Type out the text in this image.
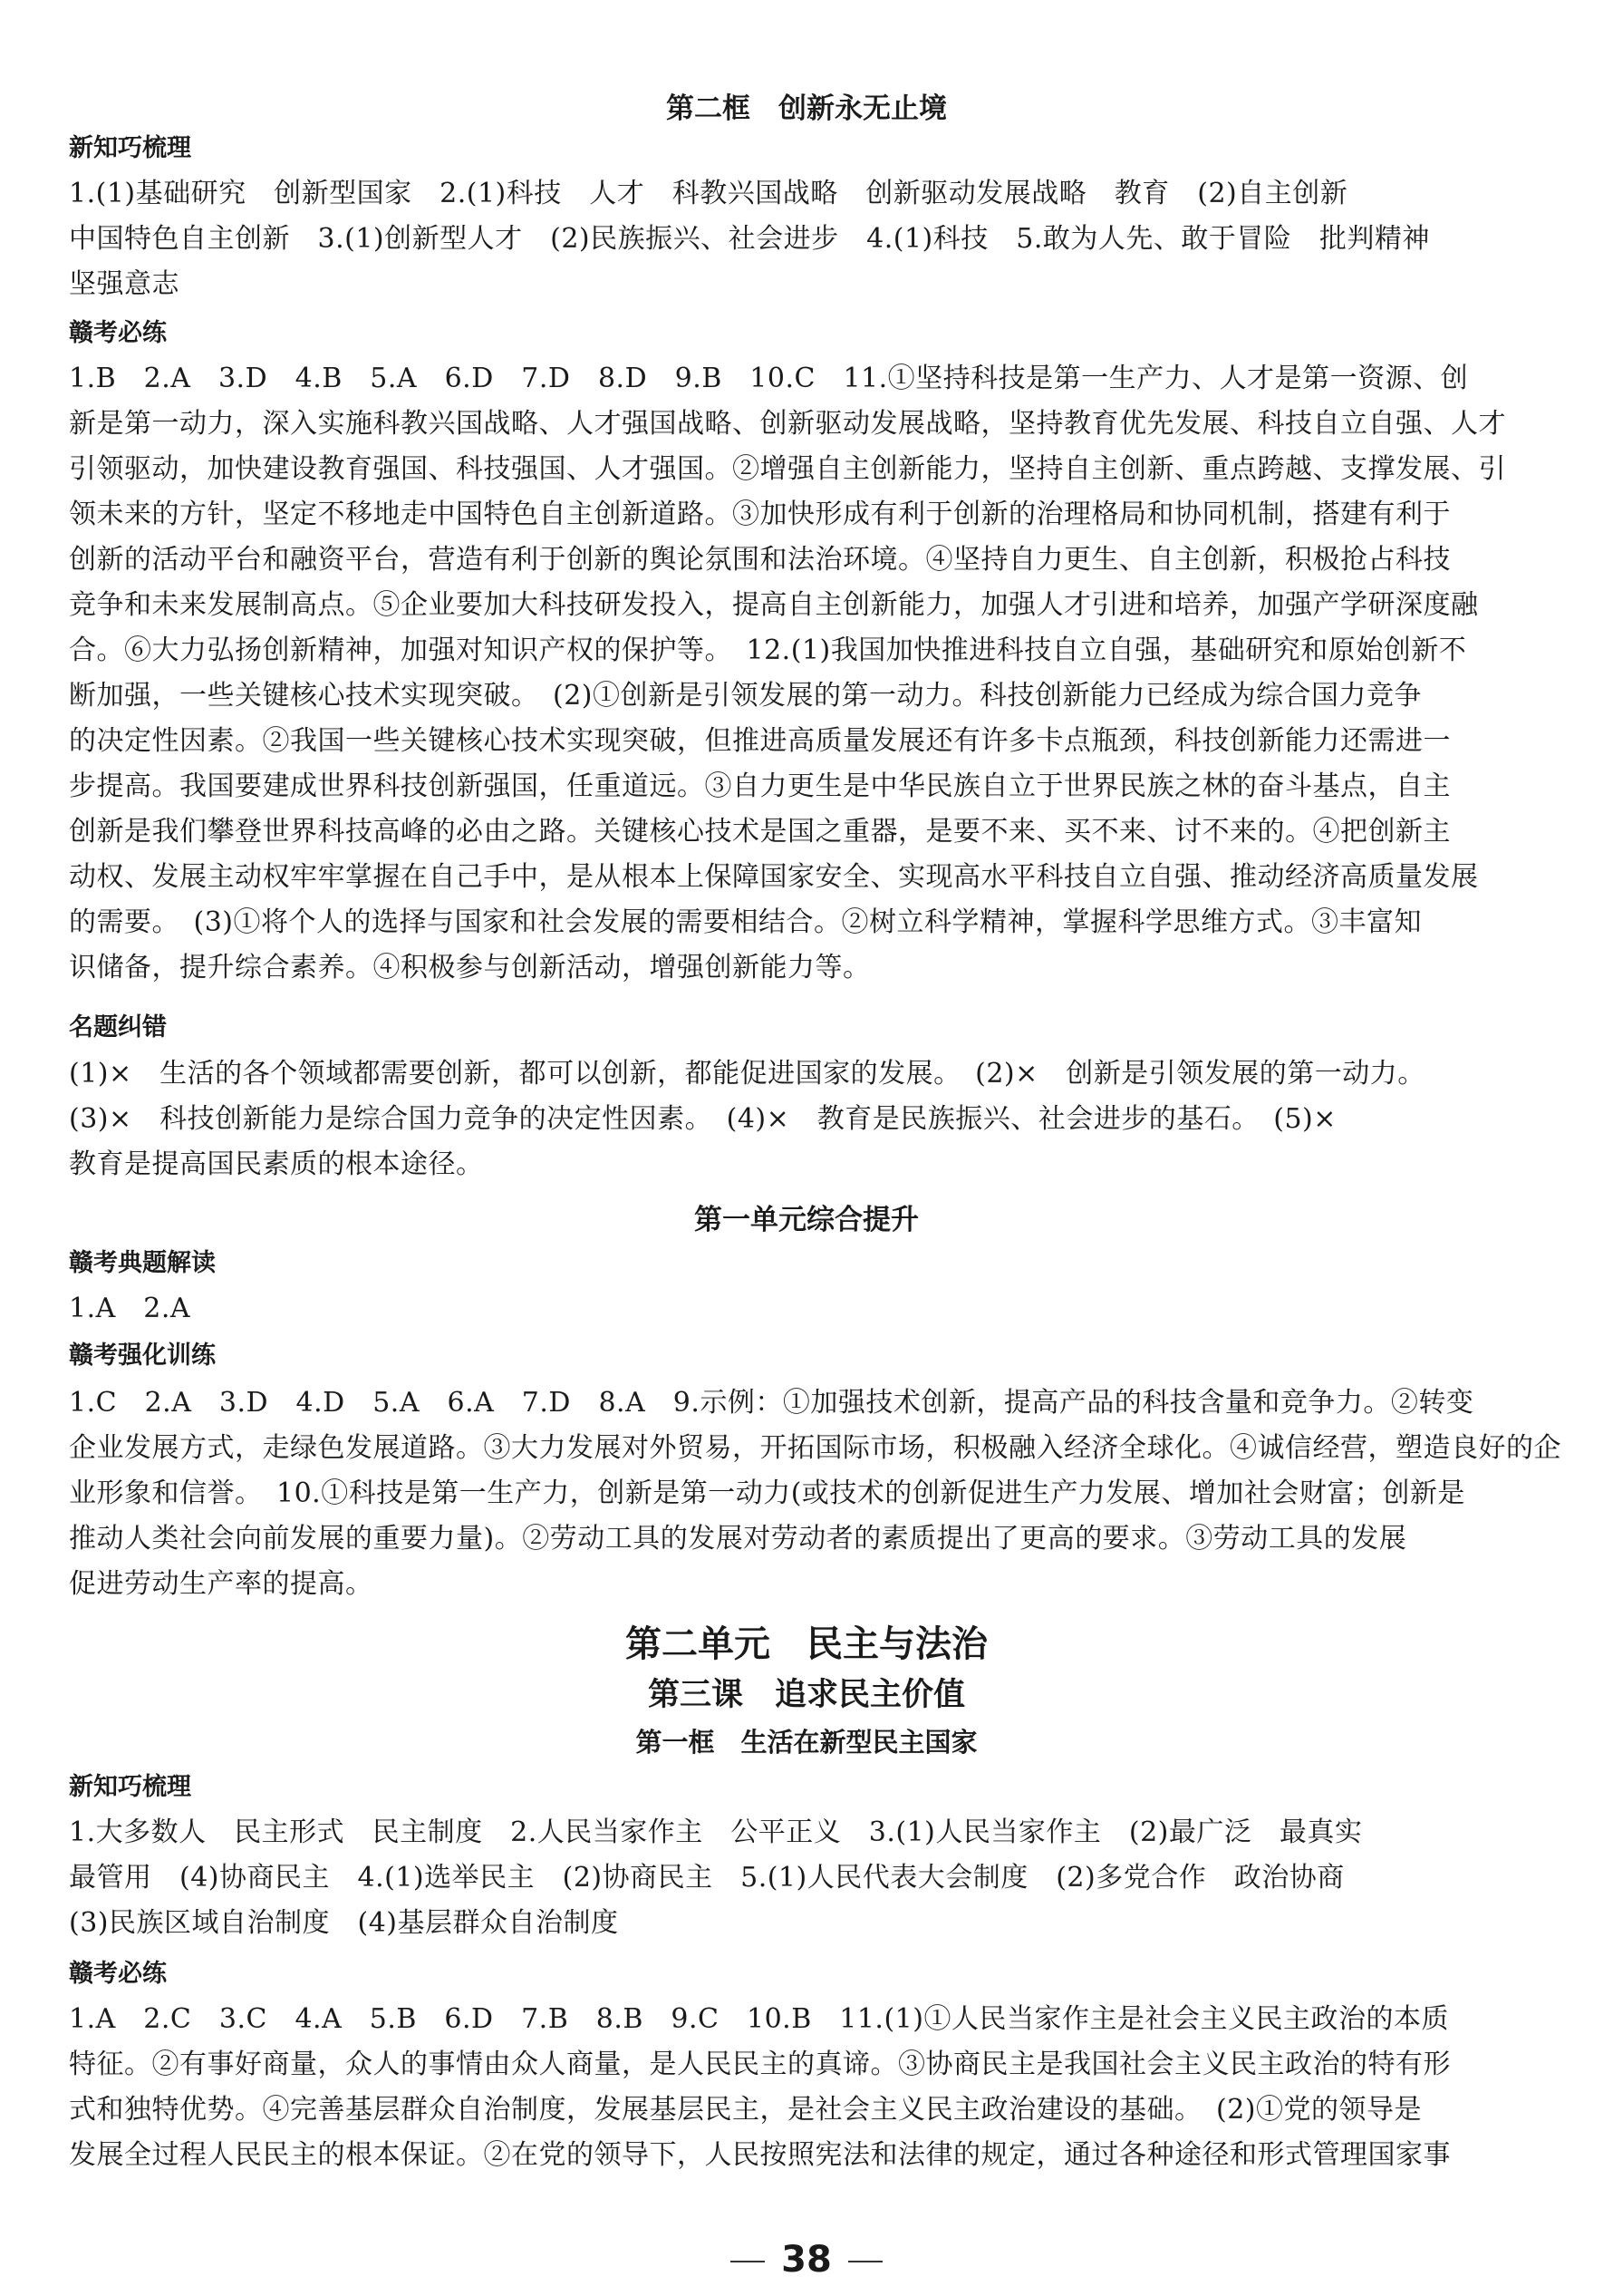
第二框　创新永无止境
新知巧梳理
1.(1)基础研究　创新型国家　2.(1)科技　人才　科教兴国战略　创新驱动发展战略　教育　(2)自主创新
中国特色自主创新　3.(1)创新型人才　(2)民族振兴、社会进步　4.(1)科技　5.敢为人先、敢于冒险　批判精神
坚强意志
赣考必练
1.B　2.A　3.D　4.B　5.A　6.D　7.D　8.D　9.B　10.C　11.①坚持科技是第一生产力、人才是第一资源、创
新是第一动力，深入实施科教兴国战略、人才强国战略、创新驱动发展战略，坚持教育优先发展、科技自立自强、人才
引领驱动，加快建设教育强国、科技强国、人才强国。②增强自主创新能力，坚持自主创新、重点跨越、支撑发展、引
领未来的方针，坚定不移地走中国特色自主创新道路。③加快形成有利于创新的治理格局和协同机制，搭建有利于
创新的活动平台和融资平台，营造有利于创新的舆论氛围和法治环境。④坚持自力更生、自主创新，积极抢占科技
竞争和未来发展制高点。⑤企业要加大科技研发投入，提高自主创新能力，加强人才引进和培养，加强产学研深度融
合。⑥大力弘扬创新精神，加强对知识产权的保护等。　12.(1)我国加快推进科技自立自强，基础研究和原始创新不
断加强，一些关键核心技术实现突破。　(2)①创新是引领发展的第一动力。科技创新能力已经成为综合国力竞争
的决定性因素。②我国一些关键核心技术实现突破，但推进高质量发展还有许多卡点瓶颈，科技创新能力还需进一
步提高。我国要建成世界科技创新强国，任重道远。③自力更生是中华民族自立于世界民族之林的奋斗基点，自主
创新是我们攀登世界科技高峰的必由之路。关键核心技术是国之重器，是要不来、买不来、讨不来的。④把创新主
动权、发展主动权牢牢掌握在自己手中，是从根本上保障国家安全、实现高水平科技自立自强、推动经济高质量发展
的需要。　(3)①将个人的选择与国家和社会发展的需要相结合。②树立科学精神，掌握科学思维方式。③丰富知
识储备，提升综合素养。④积极参与创新活动，增强创新能力等。
名题纠错
(1)×　生活的各个领域都需要创新，都可以创新，都能促进国家的发展。　(2)×　创新是引领发展的第一动力。
(3)×　科技创新能力是综合国力竞争的决定性因素。　(4)×　教育是民族振兴、社会进步的基石。　(5)×
教育是提高国民素质的根本途径。
第一单元综合提升
赣考典题解读
1.A　2.A
赣考强化训练
1.C　2.A　3.D　4.D　5.A　6.A　7.D　8.A　9.示例：①加强技术创新，提高产品的科技含量和竞争力。②转变
企业发展方式，走绿色发展道路。③大力发展对外贸易，开拓国际市场，积极融入经济全球化。④诚信经营，塑造良好的企
业形象和信誉。　10.①科技是第一生产力，创新是第一动力(或技术的创新促进生产力发展、增加社会财富；创新是
推动人类社会向前发展的重要力量)。②劳动工具的发展对劳动者的素质提出了更高的要求。③劳动工具的发展
促进劳动生产率的提高。
第二单元　民主与法治
第三课　追求民主价值
第一框　生活在新型民主国家
新知巧梳理
1.大多数人　民主形式　民主制度　2.人民当家作主　公平正义　3.(1)人民当家作主　(2)最广泛　最真实
最管用　(4)协商民主　4.(1)选举民主　(2)协商民主　5.(1)人民代表大会制度　(2)多党合作　政治协商
(3)民族区域自治制度　(4)基层群众自治制度
赣考必练
1.A　2.C　3.C　4.A　5.B　6.D　7.B　8.B　9.C　10.B　11.(1)①人民当家作主是社会主义民主政治的本质
特征。②有事好商量，众人的事情由众人商量，是人民民主的真谛。③协商民主是我国社会主义民主政治的特有形
式和独特优势。④完善基层群众自治制度，发展基层民主，是社会主义民主政治建设的基础。　(2)①党的领导是
发展全过程人民民主的根本保证。②在党的领导下，人民按照宪法和法律的规定，通过各种途径和形式管理国家事
38
